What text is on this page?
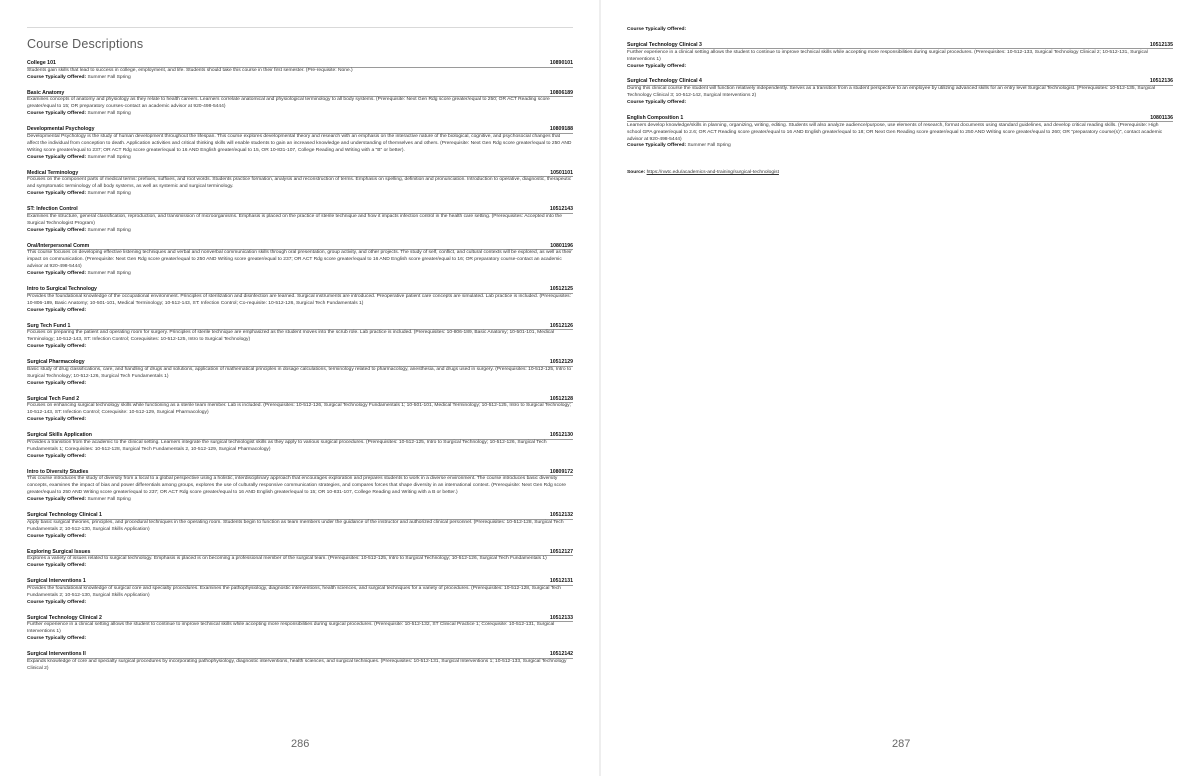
Course Descriptions
College 101	10890101
Students gain skills that lead to success in college, employment, and life. Students should take this course in their first semester. (Pre-requisite: None.)
Course Typically Offered: Summer Fall Spring
Basic Anatomy	10806189
Examines concepts of anatomy and physiology as they relate to health careers. Learners correlate anatomical and physiological terminology to all body systems. (Prerequisite: Next Gen Rdg score greater/equal to 250; OR ACT Reading score greater/equal to 15; OR preparatory courses-contact an academic advisor at 920-498-5444)
Course Typically Offered: Summer Fall Spring
Developmental Psychology	10809188
Developmental Psychology is the study of human development throughout the lifespan. This course explores developmental theory and research with an emphasis on the interactive nature of the biological, cognitive, and psychosocial changes that affect the individual from conception to death. Application activities and critical thinking skills will enable students to gain an increased knowledge and understanding of themselves and others. (Prerequisite: Next Gen Rdg score greater/equal to 250 AND Writing score greater/equal to 237; OR ACT Rdg score greater/equal to 16 AND English greater/equal to 15, OR 10-831-107, College Reading and Writing with a "B" or better).
Course Typically Offered: Summer Fall Spring
Medical Terminology	10501101
Focuses on the component parts of medical terms: prefixes, suffixes, and root words. Students practice formation, analysis and reconstruction of terms. Emphasis on spelling, definition and pronunciation. Introduction to operative, diagnostic, therapeutic and symptomatic terminology of all body systems, as well as systemic and surgical terminology.
Course Typically Offered: Summer Fall Spring
ST: Infection Control	10512143
Examines the structure, general classification, reproduction, and transmission of microorganisms. Emphasis is placed on the practice of sterile technique and how it impacts infection control in the health care setting. (Prerequisites: Accepted into the Surgical Technologist Program)
Course Typically Offered: Summer Fall Spring
Oral/Interpersonal Comm	10801196
This course focuses on developing effective listening techniques and verbal and nonverbal communication skills through oral presentation, group activity, and other projects. The study of self, conflict, and cultural contexts will be explored, as well as their impact on communication. (Prerequisite: Next Gen Rdg score greater/equal to 250 AND Writing score greater/equal to 237; OR ACT Rdg score greater/equal to 16 AND English score greater/equal to 16; OR preparatory course-contact an academic advisor at 920-498-5444)
Course Typically Offered: Summer Fall Spring
Intro to Surgical Technology	10512125
Provides the foundational knowledge of the occupational environment. Principles of sterilization and disinfection are learned. Surgical instruments are introduced. Preoperative patient care concepts are simulated. Lab practice is included. (Prerequisites: 10-806-189, Basic Anatomy; 10-501-101, Medical Terminology; 10-512-143, ST: Infection Control; Co-requisite: 10-512-126, Surgical Tech Fundamentals 1)
Course Typically Offered:
Surg Tech Fund 1	10512126
Focuses on preparing the patient and operating room for surgery. Principles of sterile technique are emphasized as the student moves into the scrub role. Lab practice is included. (Prerequisites: 10-806-189, Basic Anatomy; 10-501-101, Medical Terminology; 10-512-143, ST: Infection Control; Corequisites: 10-512-125, Intro to Surgical Technology)
Course Typically Offered:
Surgical Pharmacology	10512129
Basic study of drug classifications, care, and handling of drugs and solutions, application of mathematical principles in dosage calculations, terminology related to pharmacology, anesthesia, and drugs used in surgery. (Prerequisites: 10-512-125, Intro to Surgical Technology; 10-512-126, Surgical Tech Fundamentals 1)
Course Typically Offered:
Surgical Tech Fund 2	10512128
Focuses on enhancing surgical technology skills while functioning as a sterile team member. Lab is included. (Prerequisites: 10-512-126, Surgical Technology Fundamentals 1; 10-501-101, Medical Terminology; 10-512-125, Intro to Surgical Technology; 10-512-143, ST: Infection Control; Corequisite: 10-512-129, Surgical Pharmacology)
Course Typically Offered:
Surgical Skills Application	10512130
Provides a transition from the academic to the clinical setting. Learners integrate the surgical technologist skills as they apply to various surgical procedures. (Prerequisites: 10-512-125, Intro to Surgical Technology; 10-512-126, Surgical Tech Fundamentals 1; Corequisites: 10-512-128, Surgical Tech Fundamentals 2, 10-512-129, Surgical Pharmacology)
Course Typically Offered:
Intro to Diversity Studies	10809172
This course introduces the study of diversity from a local to a global perspective using a holistic, interdisciplinary approach that encourages exploration and prepares students to work in a diverse environment. The course introduces basic diversity concepts, examines the impact of bias and power differentials among groups, explores the use of culturally responsive communication strategies, and compares forces that shape diversity in an international context. (Prerequisite: Next Gen Rdg score greater/equal to 250 AND Writing score greater/equal to 237; OR ACT Rdg score greater/equal to 16 AND English greater/equal to 15; OR 10-831-107, College Reading and Writing with a B or better.)
Course Typically Offered: Summer Fall Spring
Surgical Technology Clinical 1	10512132
Apply basic surgical theories, principles, and procedural techniques in the operating room. Students begin to function as team members under the guidance of the instructor and authorized clinical personnel. (Prerequisites: 10-512-128, Surgical Tech Fundamentals 2; 10-512-130, Surgical Skills Application)
Course Typically Offered:
Exploring Surgical Issues	10512127
Explores a variety of issues related to surgical technology. Emphasis is placed is on becoming a professional member of the surgical team. (Prerequisites: 10-512-125, Intro to Surgical Technology; 10-512-126, Surgical Tech Fundamentals 1)
Course Typically Offered:
Surgical Interventions 1	10512131
Provides the foundational knowledge of surgical core and specialty procedures. Examines the pathophysiology, diagnostic interventions, health sciences, and surgical techniques for a variety of procedures. (Prerequisites: 10-512-128, Surgical Tech Fundamentals 2; 10-512-130, Surgical Skills Application)
Course Typically Offered:
Surgical Technology Clinical 2	10512133
Further experience in a clinical setting allows the student to continue to improve technical skills while accepting more responsibilities during surgical procedures. (Prerequisite: 10-512-132, ST Clinical Practice 1; Corequisite: 10-512-131, Surgical Interventions 1)
Course Typically Offered:
Surgical Interventions II	10512142
Expands knowledge of core and specialty surgical procedures by incorporating pathophysiology, diagnostic interventions, health sciences, and surgical techniques. (Prerequisites: 10-512-131, Surgical Interventions 1; 10-512-133, Surgical Technology Clinical 2)
286
Course Typically Offered:
Surgical Technology Clinical 3	10512135
Further experience in a clinical setting allows the student to continue to improve technical skills while accepting more responsibilities during surgical procedures. (Prerequisites: 10-512-133, Surgical Technology Clinical 2; 10-512-131, Surgical Interventions 1)
Course Typically Offered:
Surgical Technology Clinical 4	10512136
During this clinical course the student will function relatively independently. Serves as a transition from a student perspective to an employee by utilizing advanced skills for an entry level Surgical Technologist. (Prerequisites: 10-512-135, Surgical Technology Clinical 3; 10-512-142, Surgical Interventions 2)
Course Typically Offered:
English Composition 1	10801136
Learners develop knowledge/skills in planning, organizing, writing, editing. Students will also analyze audience/purpose, use elements of research, format documents using standard guidelines, and develop critical reading skills. (Prerequisite: High school GPA greater/equal to 2.6; OR ACT Reading score greater/equal to 16 AND English greater/equal to 18; OR Next Gen Reading score greater/equal to 250 AND Writing score greater/equal to 260; OR "preparatory course(s)", contact academic advisor at 920-498-5444)
Course Typically Offered: Summer Fall Spring
Source: https://nwtc.edu/academics-and-training/surgical-technologist
287
